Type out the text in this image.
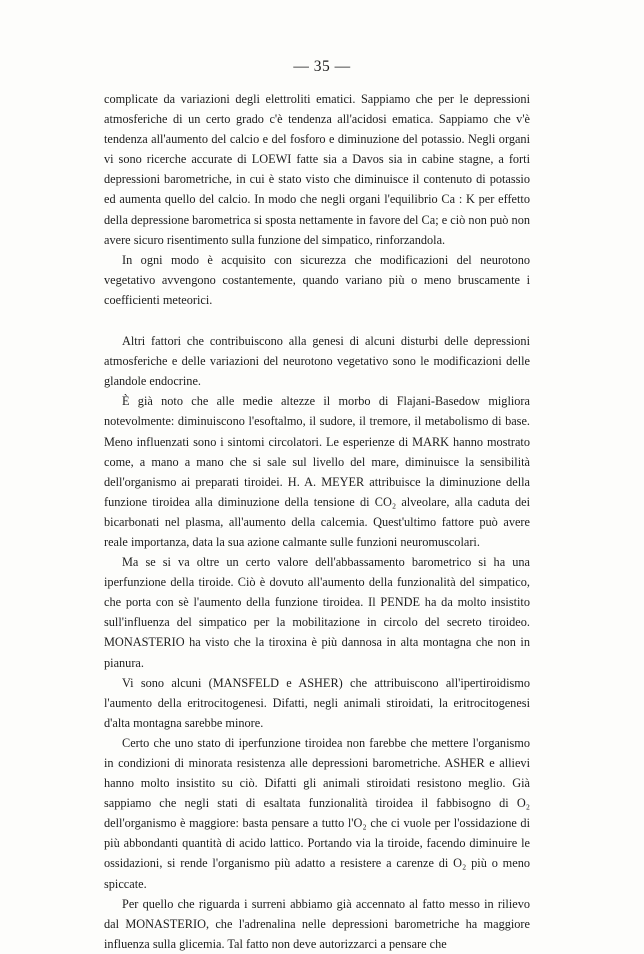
— 35 —

complicate da variazioni degli elettroliti ematici. Sappiamo che per le depressioni atmosferiche di un certo grado c'è tendenza all'acidosi ematica. Sappiamo che v'è tendenza all'aumento del calcio e del fosforo e diminuzione del potassio. Negli organi vi sono ricerche accurate di LOEWI fatte sia a Davos sia in cabine stagne, a forti depressioni barometriche, in cui è stato visto che diminuisce il contenuto di potassio ed aumenta quello del calcio. In modo che negli organi l'equilibrio Ca : K per effetto della depressione barometrica si sposta nettamente in favore del Ca; e ciò non può non avere sicuro risentimento sulla funzione del simpatico, rinforzandola.

In ogni modo è acquisito con sicurezza che modificazioni del neurotono vegetativo avvengono costantemente, quando variano più o meno bruscamente i coefficienti meteorici.

Altri fattori che contribuiscono alla genesi di alcuni disturbi delle depressioni atmosferiche e delle variazioni del neurotono vegetativo sono le modificazioni delle glandole endocrine.

È già noto che alle medie altezze il morbo di Flajani-Basedow migliora notevolmente: diminuiscono l'esoftalmo, il sudore, il tremore, il metabolismo di base. Meno influenzati sono i sintomi circolatori. Le esperienze di MARK hanno mostrato come, a mano a mano che si sale sul livello del mare, diminuisce la sensibilità dell'organismo ai preparati tiroidei. H. A. MEYER attribuisce la diminuzione della funzione tiroidea alla diminuzione della tensione di CO₂ alveolare, alla caduta dei bicarbonati nel plasma, all'aumento della calcemia. Quest'ultimo fattore può avere reale importanza, data la sua azione calmante sulle funzioni neuromuscolari.

Ma se si va oltre un certo valore dell'abbassamento barometrico si ha una iperfunzione della tiroide. Ciò è dovuto all'aumento della funzionalità del simpatico, che porta con sè l'aumento della funzione tiroidea. Il PENDE ha da molto insistito sull'influenza del simpatico per la mobilitazione in circolo del secreto tiroideo. MONASTERIO ha visto che la tiroxina è più dannosa in alta montagna che non in pianura.

Vi sono alcuni (MANSFELD e ASHER) che attribuiscono all'ipertiroidismo l'aumento della eritrocitogenesi. Difatti, negli animali stiroidati, la eritrocitogenesi d'alta montagna sarebbe minore.

Certo che uno stato di iperfunzione tiroidea non farebbe che mettere l'organismo in condizioni di minorata resistenza alle depressioni barometriche. ASHER e allievi hanno molto insistito su ciò. Difatti gli animali stiroidati resistono meglio. Già sappiamo che negli stati di esaltata funzionalità tiroidea il fabbisogno di O₂ dell'organismo è maggiore: basta pensare a tutto l'O₂ che ci vuole per l'ossidazione di più abbondanti quantità di acido lattico. Portando via la tiroide, facendo diminuire le ossidazioni, si rende l'organismo più adatto a resistere a carenze di O₂ più o meno spiccate.

Per quello che riguarda i surreni abbiamo già accennato al fatto messo in rilievo dal MONASTERIO, che l'adrenalina nelle depressioni barometriche ha maggiore influenza sulla glicemia. Tal fatto non deve autorizzarci a pensare che
